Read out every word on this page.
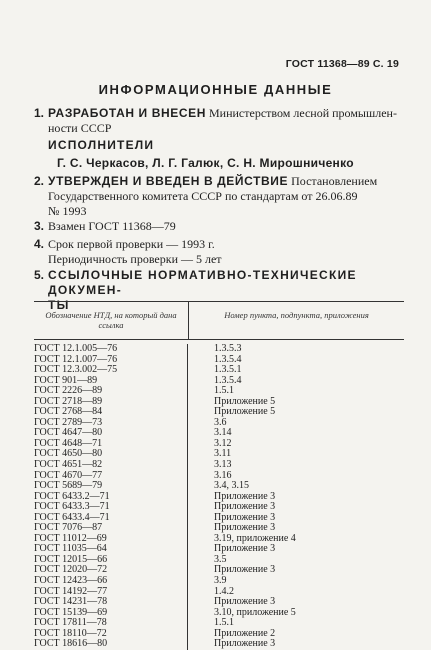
ГОСТ 11368—89 С. 19
ИНФОРМАЦИОННЫЕ ДАННЫЕ
1. РАЗРАБОТАН И ВНЕСЕН Министерством лесной промышлен-
ности СССР
ИСПОЛНИТЕЛИ
Г. С. Черкасов, Л. Г. Галюк, С. Н. Мирошниченко
2. УТВЕРЖДЕН И ВВЕДЕН В ДЕЙСТВИЕ Постановлением
Государственного комитета СССР по стандартам от 26.06.89
№ 1993
3. Взамен ГОСТ 11368—79
4. Срок первой проверки — 1993 г.
Периодичность проверки — 5 лет
5. ССЫЛОЧНЫЕ НОРМАТИВНО-ТЕХНИЧЕСКИЕ ДОКУМЕН-
ТЫ
Обозначение НТД, на который дана ссылка
Номер пункта, подпункта, приложения
ГОСТ 12.1.005—76	1.3.5.3
ГОСТ 12.1.007—76	1.3.5.4
ГОСТ 12.3.002—75	1.3.5.1
ГОСТ 901—89	1.3.5.4
ГОСТ 2226—89	1.5.1
ГОСТ 2718—89	Приложение 5
ГОСТ 2768—84	Приложение 5
ГОСТ 2789—73	3.6
ГОСТ 4647—80	3.14
ГОСТ 4648—71	3.12
ГОСТ 4650—80	3.11
ГОСТ 4651—82	3.13
ГОСТ 4670—77	3.16
ГОСТ 5689—79	3.4, 3.15
ГОСТ 6433.2—71	Приложение 3
ГОСТ 6433.3—71	Приложение 3
ГОСТ 6433.4—71	Приложение 3
ГОСТ 7076—87	Приложение 3
ГОСТ 11012—69	3.19, приложение 4
ГОСТ 11035—64	Приложение 3
ГОСТ 12015—66	3.5
ГОСТ 12020—72	Приложение 3
ГОСТ 12423—66	3.9
ГОСТ 14192—77	1.4.2
ГОСТ 14231—78	Приложение 3
ГОСТ 15139—69	3.10, приложение 5
ГОСТ 17811—78	1.5.1
ГОСТ 18110—72	Приложение 2
ГОСТ 18616—80	Приложение 3
